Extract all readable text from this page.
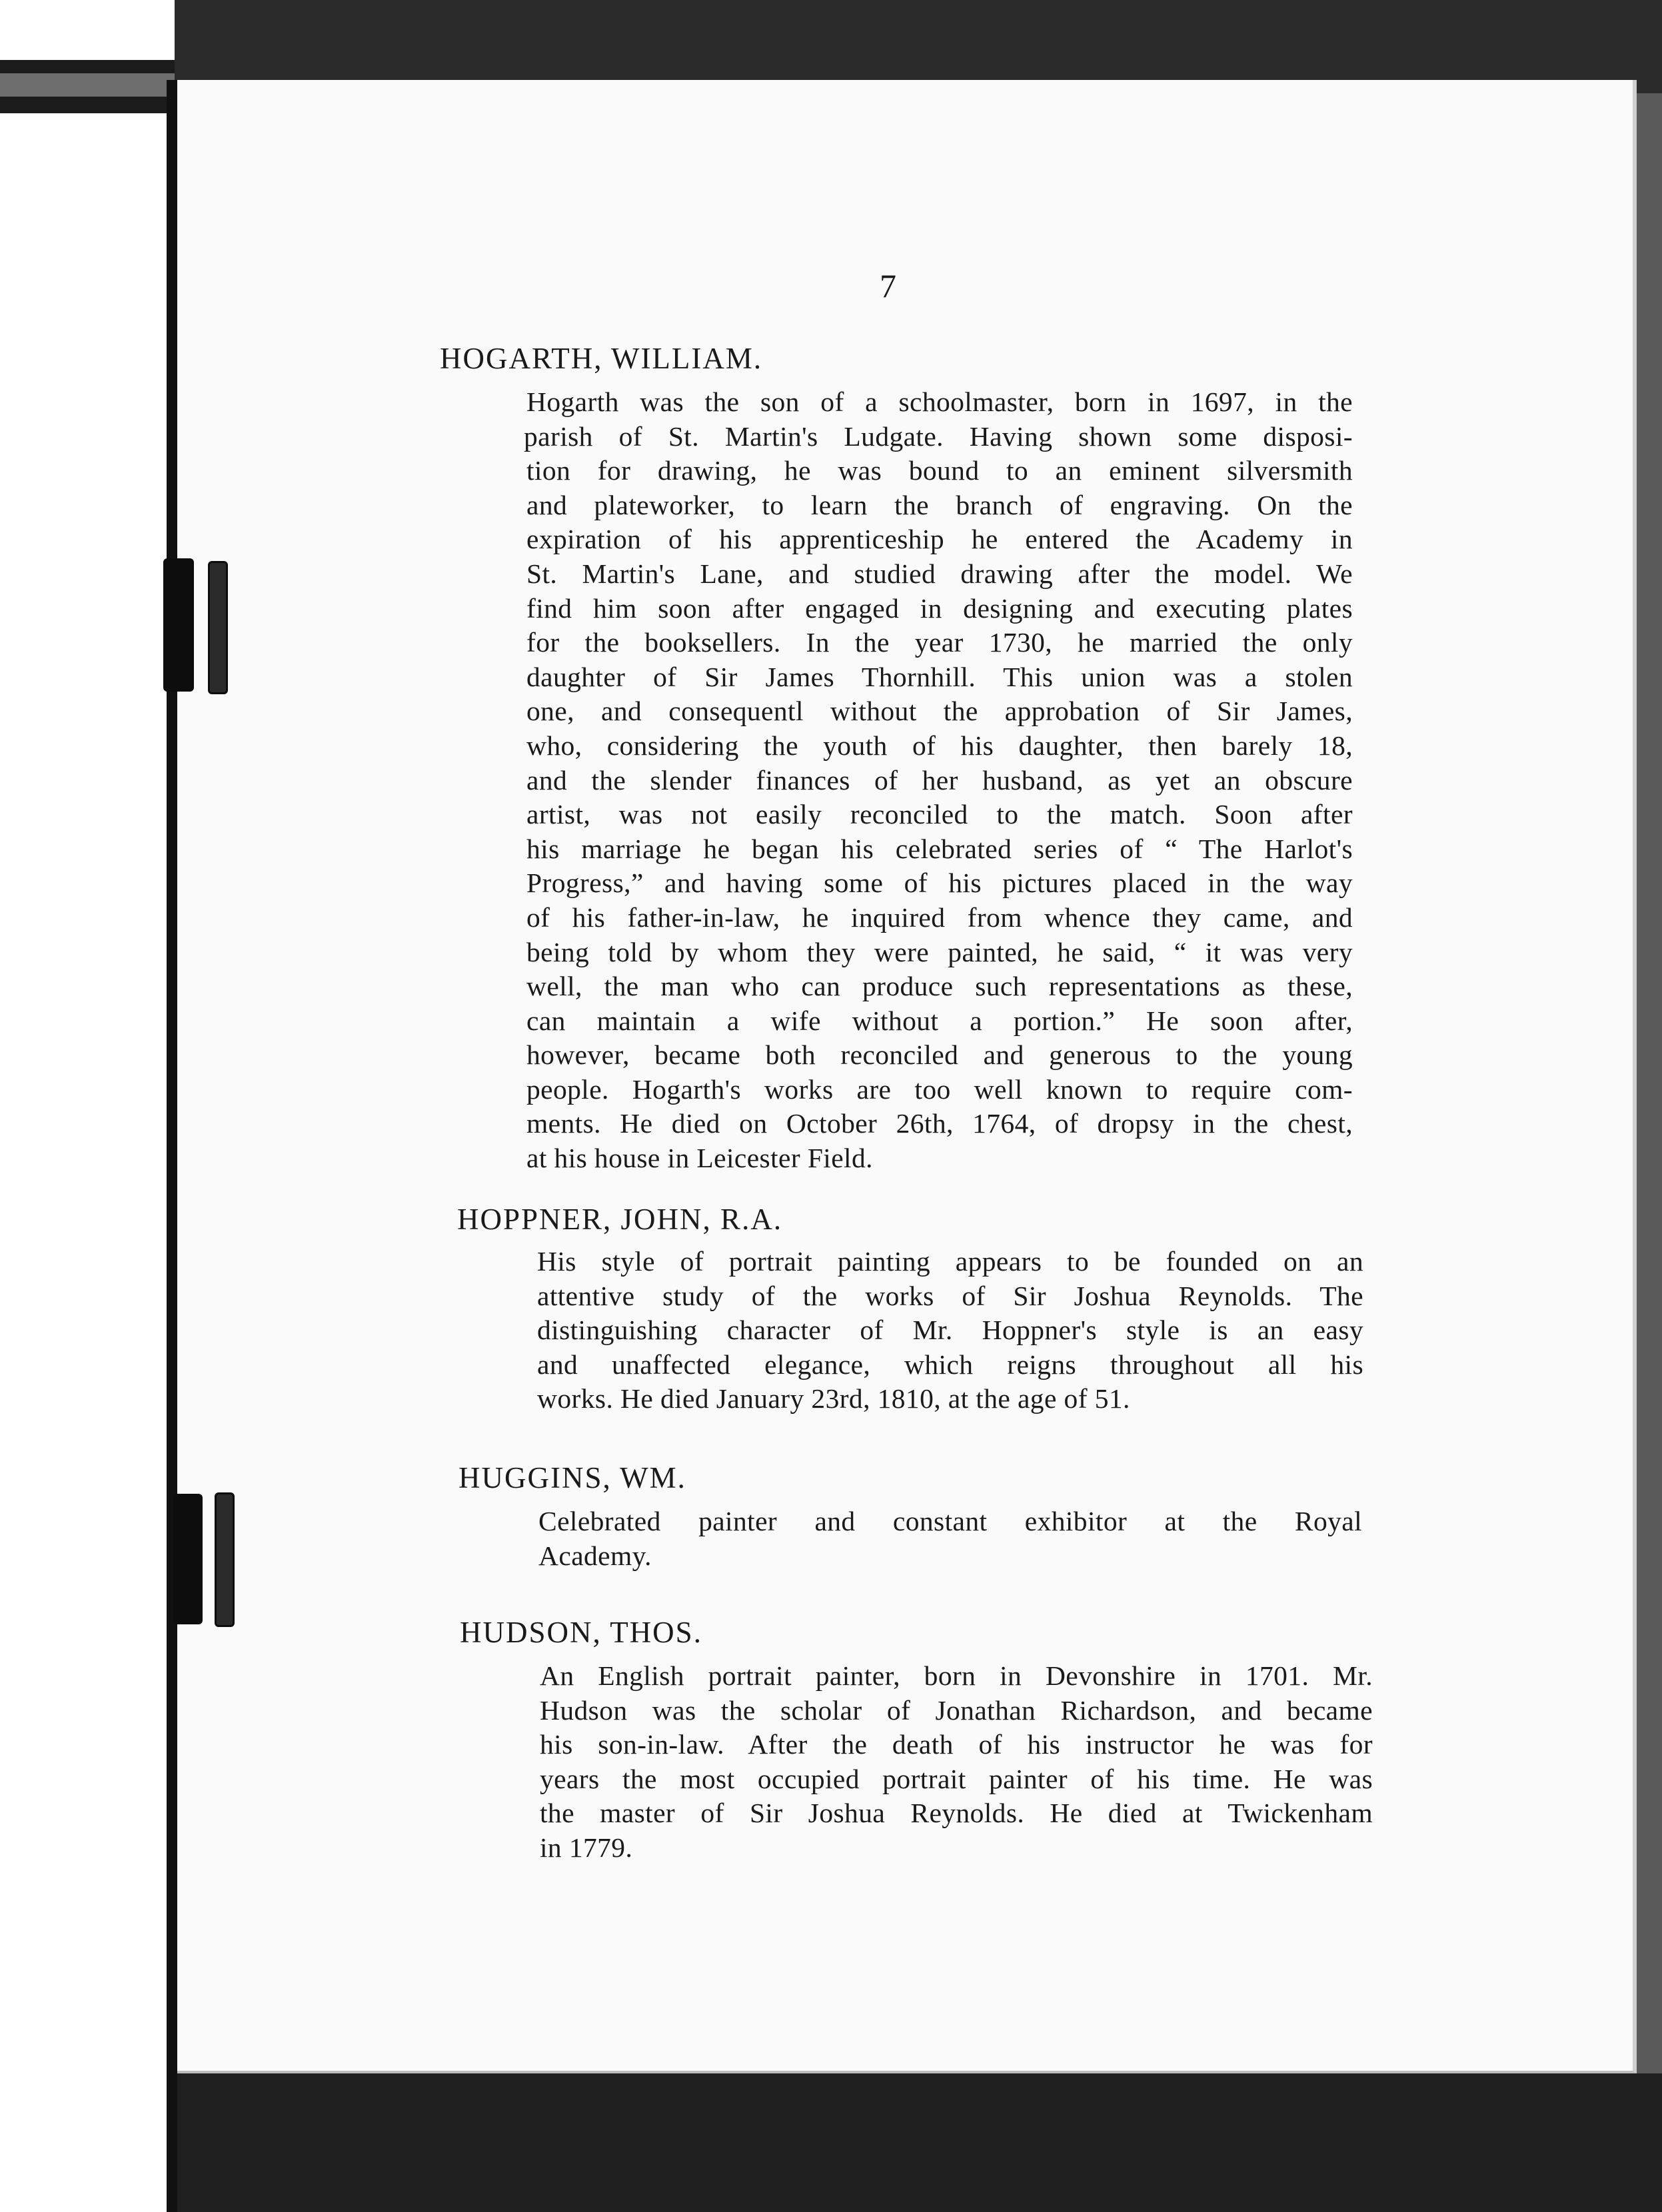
7
HOGARTH, WILLIAM.
Hogarth was the son of a schoolmaster, born in 1697, in the
parish of St. Martin's Ludgate. Having shown some disposi-
tion for drawing, he was bound to an eminent silversmith
and plateworker, to learn the branch of engraving. On the
expiration of his apprenticeship he entered the Academy in
St. Martin's Lane, and studied drawing after the model. We
find him soon after engaged in designing and executing plates
for the booksellers. In the year 1730, he married the only
daughter of Sir James Thornhill. This union was a stolen
one, and consequentl without the approbation of Sir James,
who, considering the youth of his daughter, then barely 18,
and the slender finances of her husband, as yet an obscure
artist, was not easily reconciled to the match. Soon after
his marriage he began his celebrated series of “ The Harlot's
Progress,” and having some of his pictures placed in the way
of his father-in-law, he inquired from whence they came, and
being told by whom they were painted, he said, “ it was very
well, the man who can produce such representations as these,
can maintain a wife without a portion.” He soon after,
however, became both reconciled and generous to the young
people. Hogarth's works are too well known to require com-
ments. He died on October 26th, 1764, of dropsy in the chest,
at his house in Leicester Field.
HOPPNER, JOHN, R.A.
His style of portrait painting appears to be founded on an
attentive study of the works of Sir Joshua Reynolds. The
distinguishing character of Mr. Hoppner's style is an easy
and unaffected elegance, which reigns throughout all his
works. He died January 23rd, 1810, at the age of 51.
HUGGINS, WM.
Celebrated painter and constant exhibitor at the Royal
Academy.
HUDSON, THOS.
An English portrait painter, born in Devonshire in 1701. Mr.
Hudson was the scholar of Jonathan Richardson, and became
his son-in-law. After the death of his instructor he was for
years the most occupied portrait painter of his time. He was
the master of Sir Joshua Reynolds. He died at Twickenham
in 1779.
